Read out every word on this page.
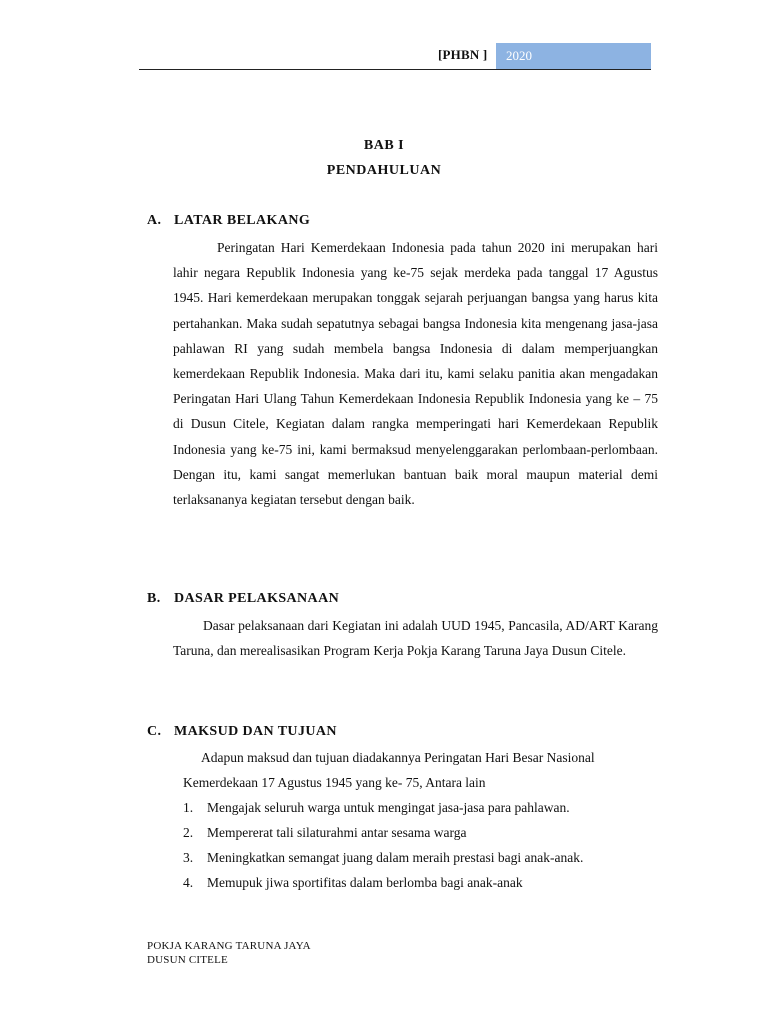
[PHBN ]	2020
BAB I
PENDAHULUAN
A. LATAR BELAKANG

Peringatan Hari Kemerdekaan Indonesia pada tahun 2020 ini merupakan hari lahir negara Republik Indonesia yang ke-75 sejak merdeka pada tanggal 17 Agustus 1945. Hari kemerdekaan merupakan tonggak sejarah perjuangan bangsa yang harus kita pertahankan. Maka sudah sepatutnya sebagai bangsa Indonesia kita mengenang jasa-jasa pahlawan RI yang sudah membela bangsa Indonesia di dalam memperjuangkan kemerdekaan Republik Indonesia. Maka dari itu, kami selaku panitia akan mengadakan Peringatan Hari Ulang Tahun Kemerdekaan Indonesia Republik Indonesia yang ke – 75 di Dusun Citele, Kegiatan dalam rangka memperingati hari Kemerdekaan Republik Indonesia yang ke-75 ini, kami bermaksud menyelenggarakan perlombaan-perlombaan. Dengan itu, kami sangat memerlukan bantuan baik moral maupun material demi terlaksananya kegiatan tersebut dengan baik.

B. DASAR PELAKSANAAN

Dasar pelaksanaan dari Kegiatan ini adalah UUD 1945, Pancasila, AD/ART Karang Taruna, dan merealisasikan Program Kerja Pokja Karang Taruna Jaya Dusun Citele.

C. MAKSUD DAN TUJUAN

Adapun maksud dan tujuan diadakannya Peringatan Hari Besar Nasional Kemerdekaan 17 Agustus 1945 yang ke- 75, Antara lain

1. Mengajak seluruh warga untuk mengingat jasa-jasa para pahlawan.
2. Mempererat tali silaturahmi antar sesama warga
3. Meningkatkan semangat juang dalam meraih prestasi bagi anak-anak.
4. Memupuk jiwa sportifitas dalam berlomba bagi anak-anak
POKJA KARANG TARUNA JAYA
DUSUN CITELE
